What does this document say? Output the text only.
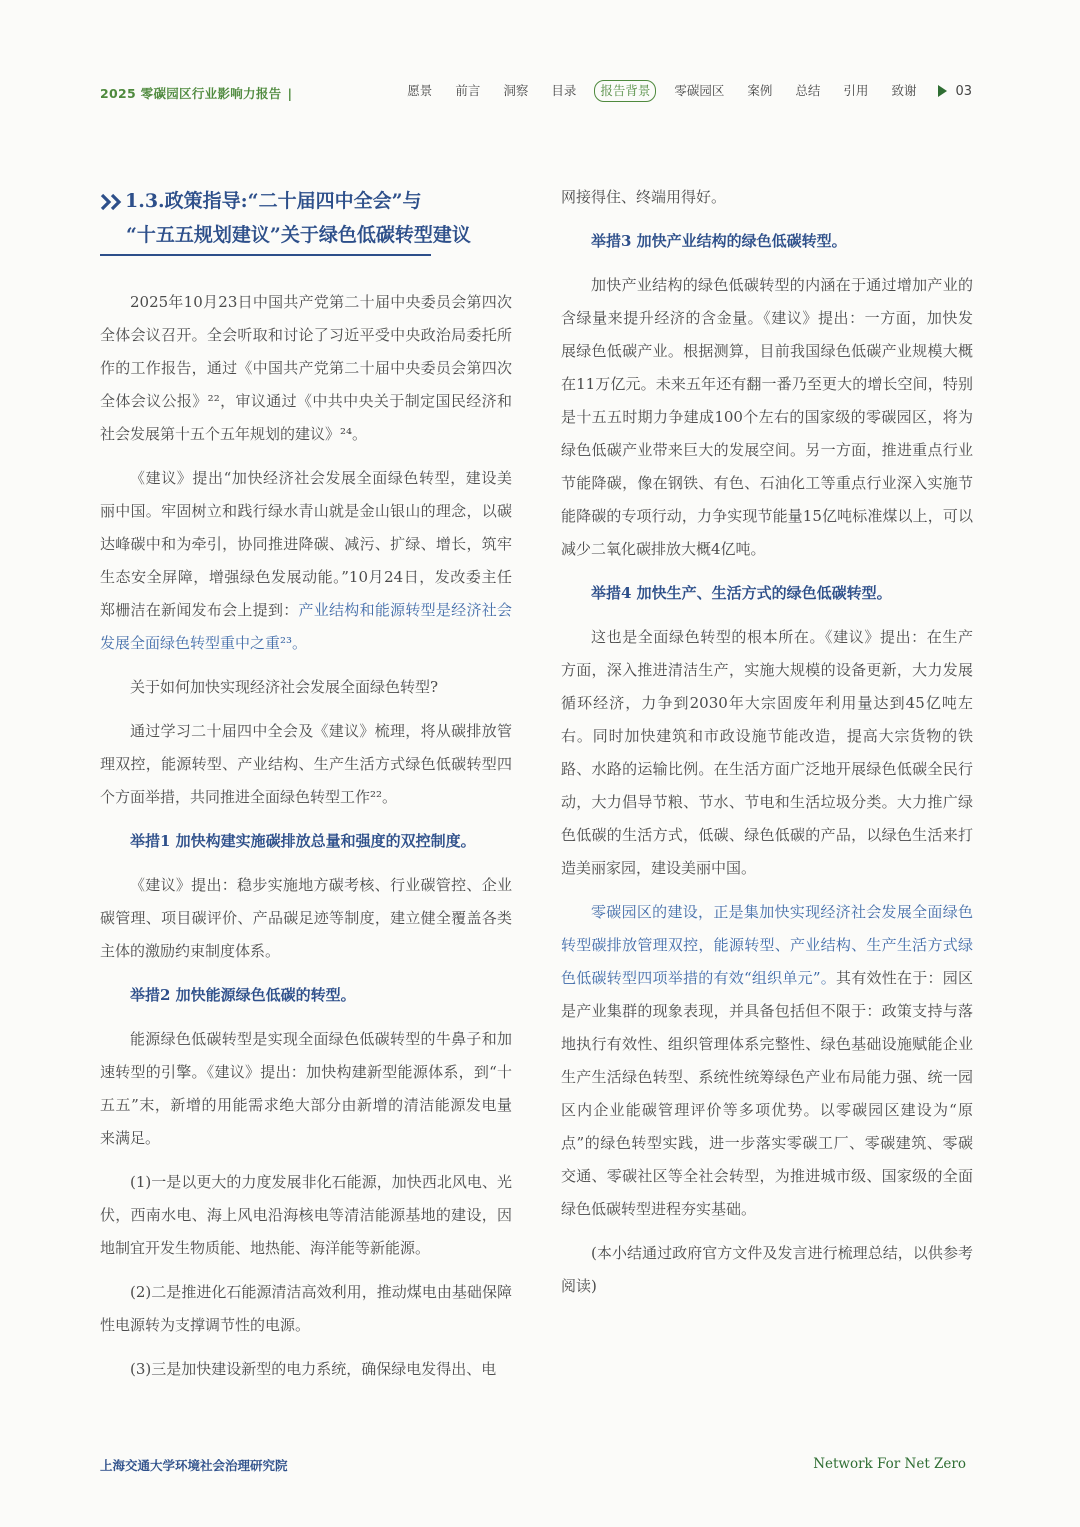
2025 零碳园区行业影响力报告 |	愿景 前言 洞察 目录	报告背景	零碳园区 案例 总结 引用 致谢	03
1.3.政策指导:“二十届四中全会”与
“十五五规划建议”关于绿色低碳转型建议

2025年10月23日中国共产党第二十届中央委员会第四次全体会议召开。全会听取和讨论了习近平受中央政治局委托所作的工作报告，通过《中国共产党第二十届中央委员会第四次全体会议公报》²²，审议通过《中共中央关于制定国民经济和社会发展第十五个五年规划的建议》²⁴。

《建议》提出“加快经济社会发展全面绿色转型，建设美丽中国。牢固树立和践行绿水青山就是金山银山的理念，以碳达峰碳中和为牵引，协同推进降碳、减污、扩绿、增长，筑牢生态安全屏障，增强绿色发展动能。”10月24日，发改委主任郑栅洁在新闻发布会上提到：产业结构和能源转型是经济社会发展全面绿色转型重中之重²³。

关于如何加快实现经济社会发展全面绿色转型?

通过学习二十届四中全会及《建议》梳理，将从碳排放管理双控，能源转型、产业结构、生产生活方式绿色低碳转型四个方面举措，共同推进全面绿色转型工作²²。

举措1 加快构建实施碳排放总量和强度的双控制度。

《建议》提出：稳步实施地方碳考核、行业碳管控、企业碳管理、项目碳评价、产品碳足迹等制度，建立健全覆盖各类主体的激励约束制度体系。

举措2 加快能源绿色低碳的转型。

能源绿色低碳转型是实现全面绿色低碳转型的牛鼻子和加速转型的引擎。《建议》提出：加快构建新型能源体系，到“十五五”末，新增的用能需求绝大部分由新增的清洁能源发电量来满足。

(1)一是以更大的力度发展非化石能源，加快西北风电、光伏，西南水电、海上风电沿海核电等清洁能源基地的建设，因地制宜开发生物质能、地热能、海洋能等新能源。

(2)二是推进化石能源清洁高效利用，推动煤电由基础保障性电源转为支撑调节性的电源。

(3)三是加快建设新型的电力系统，确保绿电发得出、电

网接得住、终端用得好。

举措3 加快产业结构的绿色低碳转型。

加快产业结构的绿色低碳转型的内涵在于通过增加产业的含绿量来提升经济的含金量。《建议》提出：一方面，加快发展绿色低碳产业。根据测算，目前我国绿色低碳产业规模大概在11万亿元。未来五年还有翻一番乃至更大的增长空间，特别是十五五时期力争建成100个左右的国家级的零碳园区，将为绿色低碳产业带来巨大的发展空间。另一方面，推进重点行业节能降碳，像在钢铁、有色、石油化工等重点行业深入实施节能降碳的专项行动，力争实现节能量15亿吨标准煤以上，可以减少二氧化碳排放大概4亿吨。

举措4 加快生产、生活方式的绿色低碳转型。

这也是全面绿色转型的根本所在。《建议》提出：在生产方面，深入推进清洁生产，实施大规模的设备更新，大力发展循环经济，力争到2030年大宗固废年利用量达到45亿吨左右。同时加快建筑和市政设施节能改造，提高大宗货物的铁路、水路的运输比例。在生活方面广泛地开展绿色低碳全民行动，大力倡导节粮、节水、节电和生活垃圾分类。大力推广绿色低碳的生活方式，低碳、绿色低碳的产品，以绿色生活来打造美丽家园，建设美丽中国。

零碳园区的建设，正是集加快实现经济社会发展全面绿色转型碳排放管理双控，能源转型、产业结构、生产生活方式绿色低碳转型四项举措的有效“组织单元”。其有效性在于：园区是产业集群的现象表现，并具备包括但不限于：政策支持与落地执行有效性、组织管理体系完整性、绿色基础设施赋能企业生产生活绿色转型、系统性统筹绿色产业布局能力强、统一园区内企业能碳管理评价等多项优势。以零碳园区建设为“原点”的绿色转型实践，进一步落实零碳工厂、零碳建筑、零碳交通、零碳社区等全社会转型，为推进城市级、国家级的全面绿色低碳转型进程夯实基础。

(本小结通过政府官方文件及发言进行梳理总结，以供参考阅读)

上海交通大学环境社会治理研究院	Network For Net Zero
